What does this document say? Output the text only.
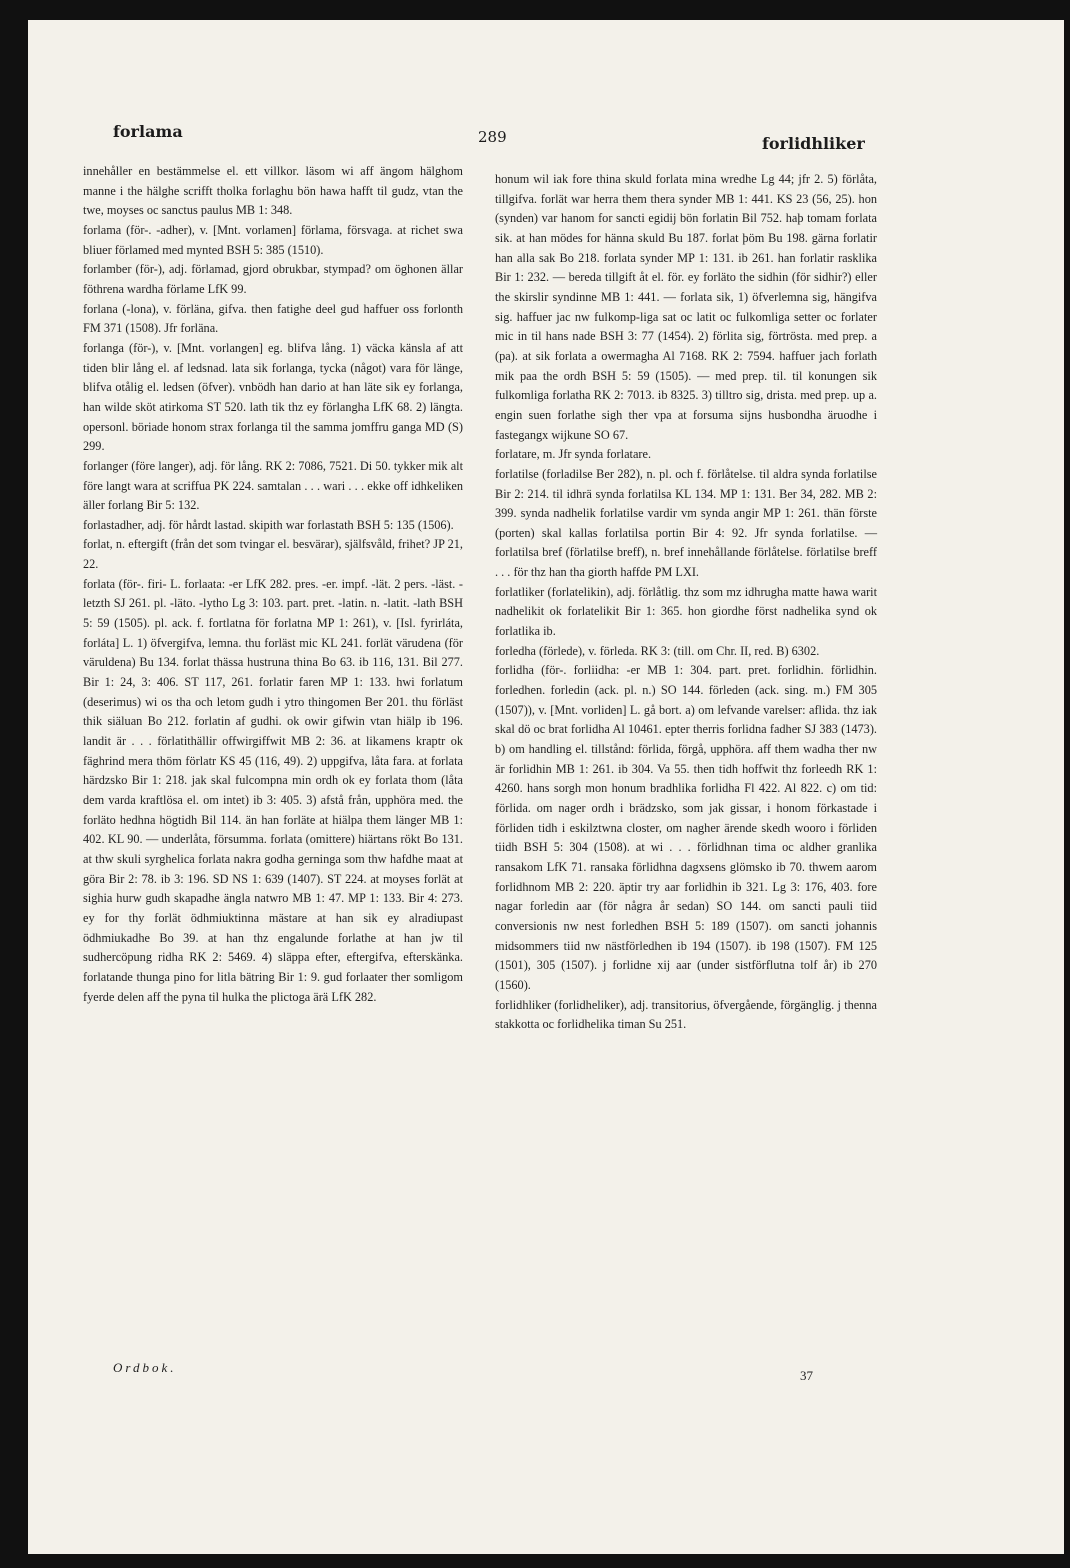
forlama	289	forlidhliker

innehåller en bestämmelse el. ett villkor. läsom wi aff ängom hälghom manne i the hälghe scrifft tholka forlaghu bön hawa hafft til gudz, vtan the twe, moyses oc sanctus paulus MB 1: 348.

forlama (för-. -adher), v. [Mnt. vorlamen] förlama, försvaga. at richet swa bliuer förlamed med mynted BSH 5: 385 (1510).

forlamber (för-), adj. förlamad, gjord obrukbar, stympad? om öghonen ällar föthrena wardha förlame LfK 99.

forlana (-lona), v. förläna, gifva. then fatighe deel gud haffuer oss forlonth FM 371 (1508). Jfr forläna.

forlanga (för-), v. [Mnt. vorlangen] eg. blifva lång. 1) väcka känsla af att tiden blir lång el. af ledsnad. lata sik forlanga, tycka (något) vara för länge, blifva otålig el. ledsen (öfver). vnbödh han dario at han läte sik ey forlanga, han wilde sköt atirkoma ST 520. lath tik thz ey förlangha LfK 68. 2) längta. opersonl. böriade honom strax forlanga til the samma jomffru ganga MD (S) 299.

forlanger (före langer), adj. för lång. RK 2: 7086, 7521. Di 50. tykker mik alt före langt wara at scriffua PK 224. samtalan . . . wari . . . ekke off idhkeliken äller forlang Bir 5: 132.

forlastadher, adj. för hårdt lastad. skipith war forlastath BSH 5: 135 (1506).

forlat, n. eftergift (från det som tvingar el. besvärar), själfsvåld, frihet? JP 21, 22.

forlata (för-. firi- L. forlaata: -er LfK 282. pres. -er. impf. -lät. 2 pers. -läst. -letzth SJ 261. pl. -läto. -lytho Lg 3: 103. part. pret. -latin. n. -latit. -lath BSH 5: 59 (1505). pl. ack. f. fortlatna för forlatna MP 1: 261), v. [Isl. fyrirláta, forláta] L. 1) öfvergifva, lemna. thu forläst mic KL 241. forlät värudena (för väruldena) Bu 134. forlat thässa hustruna thina Bo 63. ib 116, 131. Bil 277. Bir 1: 24, 3: 406. ST 117, 261. forlatir faren MP 1: 133. hwi forlatum (deserimus) wi os tha och letom gudh i ytro thingomen Ber 201. thu förläst thik siäluan Bo 212. forlatin af gudhi. ok owir gifwin vtan hiälp ib 196. landit är . . . förlatithällir offwirgiffwit MB 2: 36. at likamens kraptr ok fäghrind mera thöm förlatr KS 45 (116, 49). 2) uppgifva, låta fara. at forlata härdzsko Bir 1: 218. jak skal fulcompna min ordh ok ey forlata thom (låta dem varda kraftlösa el. om intet) ib 3: 405. 3) afstå från, upphöra med. the forläto hedhna högtidh Bil 114. än han forläte at hiälpa them länger MB 1: 402. KL 90. — underlåta, försumma. forlata (omittere) hiärtans rökt Bo 131. at thw skuli syrghelica forlata nakra godha gerninga som thw hafdhe maat at göra Bir 2: 78. ib 3: 196. SD NS 1: 639 (1407). ST 224. at moyses forlät at sighia hurw gudh skapadhe ängla natwro MB 1: 47. MP 1: 133. Bir 4: 273. ey for thy forlät ödhmiuktinna mästare at han sik ey alradiupast ödhmiukadhe Bo 39. at han thz engalunde forlathe at han jw til sudhercöpung ridha RK 2: 5469. 4) släppa efter, eftergifva, efterskänka. forlatande thunga pino for litla bätring Bir 1: 9. gud forlaater ther somligom fyerde delen aff the pyna til hulka the plictoga ärä LfK 282.

honum wil iak fore thina skuld forlata mina wredhe Lg 44; jfr 2. 5) förlåta, tillgifva. forlät war herra them thera synder MB 1: 441. KS 23 (56, 25). hon (synden) var hanom for sancti egidij bön forlatin Bil 752. haþ tomam forlata sik. at han mödes for hänna skuld Bu 187. forlat þöm Bu 198. gärna forlatir han alla sak Bo 218. forlata synder MP 1: 131. ib 261. han forlatir rasklika Bir 1: 232. — bereda tillgift åt el. för. ey forläto the sidhin (för sidhir?) eller the skirslir syndinne MB 1: 441. — forlata sik, 1) öfverlemna sig, hängifva sig. haffuer jac nw fulkomp-liga sat oc latit oc fulkomligа setter oc forlater mic in til hans nade BSH 3: 77 (1454). 2) förlita sig, förtrösta. med prep. a (pa). at sik forlata a owermagha Al 7168. RK 2: 7594. haffuer jach forlath mik paa the ordh BSH 5: 59 (1505). — med prep. til. til konungen sik fulkomliga forlatha RK 2: 7013. ib 8325. 3) tilltro sig, dristа. med prep. up a. engin suen forlathe sigh ther vpa at forsuma sijns husbondha äruodhe i fastegangx wijkune SO 67.

forlatare, m. Jfr synda forlatare.

forlatilse (forladilse Ber 282), n. pl. och f. förlåtelse. til aldra synda forlatilse Bir 2: 214. til idhrä synda forlatilsa KL 134. MP 1: 131. Ber 34, 282. MB 2: 399. synda nadhelik forlatilse vardir vm synda angir MP 1: 261. thän förste (porten) skal kallas forlatilsa portin Bir 4: 92. Jfr synda forlatilse. — forlatilsa bref (förlatilse breff), n. bref innehållande förlåtelse. förlatilse breff . . . för thz han tha giorth haffde PM LXI.

forlatliker (forlatelikin), adj. förlåtlig. thz som mz idhrugha matte hawa warit nadhelikit ok forlatelikit Bir 1: 365. hon giordhe först nadhelika synd ok forlatlika ib.

forledha (förlede), v. förleda. RK 3: (till. om Chr. II, red. B) 6302.

forlidha (för-. forliidha: -er MB 1: 304. part. pret. forlidhin. förlidhin. forledhen. forledin (ack. pl. n.) SO 144. förleden (ack. sing. m.) FM 305 (1507)), v. [Mnt. vorliden] L. gå bort. a) om lefvande varelser: aflida. thz iak skal dö oc brat forlidha Al 10461. epter therris forlidna fadher SJ 383 (1473). b) om handling el. tillstånd: förlida, förgå, upphöra. aff them wadha ther nw är forlidhin MB 1: 261. ib 304. Va 55. then tidh hoffwit thz forleedh RK 1: 4260. hans sorgh mon honum bradhlika forlidha Fl 422. Al 822. c) om tid: förlida. om nager ordh i brädzsko, som jak gissar, i honom förkastade i förliden tidh i eskilztwna closter, om nagher ärende skedh wooro i förliden tiidh BSH 5: 304 (1508). at wi . . . förlidhnan tima oc aldher granlika ransakom LfK 71. ransaka förlidhna dagxsens glömsko ib 70. thwem aarom forlidhnom MB 2: 220. äptir try aar forlidhin ib 321. Lg 3: 176, 403. fore nagar forledin aar (för några år sedan) SO 144. om sancti pauli tiid conversionis nw nest forledhen BSH 5: 189 (1507). om sancti johannis midsommers tiid nw nästförledhen ib 194 (1507). ib 198 (1507). FM 125 (1501), 305 (1507). j forlidne xij aar (under sistförflutna tolf år) ib 270 (1560).

forlidhliker (forlidheliker), adj. transitorius, öfvergående, förgänglig. j thenna stakkotta oc forlidhelika timan Su 251.

Ordbok.
37
